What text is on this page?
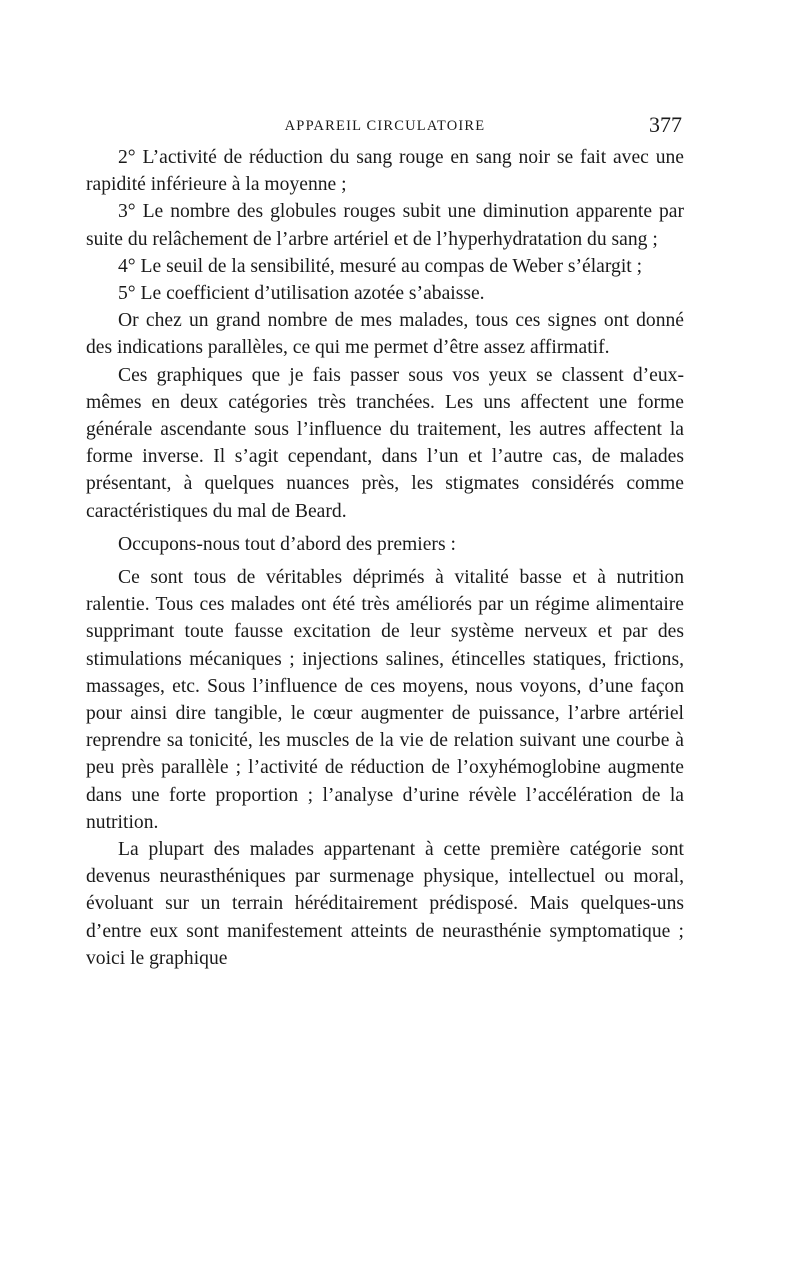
APPAREIL CIRCULATOIRE	377

2° L’activité de réduction du sang rouge en sang noir se fait avec une rapidité inférieure à la moyenne ;

3° Le nombre des globules rouges subit une diminution apparente par suite du relâchement de l’arbre artériel et de l’hyperhydratation du sang ;

4° Le seuil de la sensibilité, mesuré au compas de Weber s’élargit ;

5° Le coefficient d’utilisation azotée s’abaisse.

Or chez un grand nombre de mes malades, tous ces signes ont donné des indications parallèles, ce qui me permet d’être assez affirmatif.

Ces graphiques que je fais passer sous vos yeux se classent d’eux-mêmes en deux catégories très tranchées. Les uns affectent une forme générale ascendante sous l’influence du traitement, les autres affectent la forme inverse. Il s’agit cependant, dans l’un et l’autre cas, de malades présentant, à quelques nuances près, les stigmates considérés comme caractéristiques du mal de Beard.

Occupons-nous tout d’abord des premiers :

Ce sont tous de véritables déprimés à vitalité basse et à nutrition ralentie. Tous ces malades ont été très améliorés par un régime alimentaire supprimant toute fausse excitation de leur système nerveux et par des stimulations mécaniques ; injections salines, étincelles statiques, frictions, massages, etc. Sous l’influence de ces moyens, nous voyons, d’une façon pour ainsi dire tangible, le cœur augmenter de puissance, l’arbre artériel reprendre sa tonicité, les muscles de la vie de relation suivant une courbe à peu près parallèle ; l’activité de réduction de l’oxyhémoglobine augmente dans une forte proportion ; l’analyse d’urine révèle l’accélération de la nutrition.

La plupart des malades appartenant à cette première catégorie sont devenus neurasthéniques par surmenage physique, intellectuel ou moral, évoluant sur un terrain héréditairement prédisposé. Mais quelques-uns d’entre eux sont manifestement atteints de neurasthénie symptomatique ; voici le graphique
